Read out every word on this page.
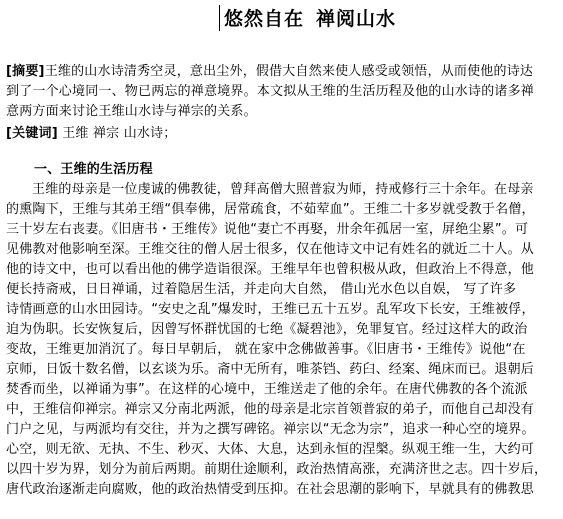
悠然自在 禅阅山水
[摘要]王维的山水诗清秀空灵，意出尘外，假借大自然来使人感受或领悟，从而使他的诗达
到了一个心境同一、物已两忘的禅意境界。本文拟从王维的生活历程及他的山水诗的诸多禅
意两方面来讨论王维山水诗与禅宗的关系。
[关键词] 王维 禅宗 山水诗；
一、王维的生活历程
王维的母亲是一位虔诚的佛教徒，曾拜高僧大照普寂为师，持戒修行三十余年。在母亲
的熏陶下，王维与其弟王缙“俱奉佛，居常疏食，不茹荤血”。王维二十多岁就受教于名僧，
三十岁左右丧妻。《旧唐书・王维传》说他“妻亡不再娶，卅余年孤居一室，屏绝尘累”。可
见佛教对他影响至深。王维交往的僧人居士很多，仅在他诗文中记有姓名的就近二十人。从
他的诗文中，也可以看出他的佛学造诣很深。王维早年也曾积极从政，但政治上不得意，他
便长持斋戒，日日禅诵，过着隐居生活，并走向大自然， 借山光水色以自娱， 写了许多
诗情画意的山水田园诗。“安史之乱”爆发时，王维已五十五岁。乱军攻下长安，王维被俘，
迫为伪职。长安恢复后，因曾写怀群忧国的七绝《凝碧池》，免罪复官。经过这样大的政治
变故，王维更加消沉了。每日早朝后， 就在家中念佛做善事。《旧唐书・王维传》说他“在
京师，日饭十数名僧，以玄谈为乐。斋中无所有，唯茶铛、药臼、经案、绳床而已。退朝后
焚香而坐，以禅诵为事”。在这样的心境中，王维送走了他的余年。在唐代佛教的各个流派
中，王维信仰禅宗。禅宗又分南北两派，他的母亲是北宗首领普寂的弟子，而他自己却没有
门户之见，与两派均有交往，并为之撰写碑铭。禅宗以“无念为宗”，追求一种心空的境界。
心空，则无欲、无执、不生、秒灭、大体、大息，达到永恒的涅槃。纵观王维一生，大约可
以四十岁为界，划分为前后两期。前期仕途顺利，政治热情高涨，充满济世之志。四十岁后，
唐代政治逐渐走向腐败，他的政治热情受到压抑。在社会思潮的影响下，早就具有的佛教思
